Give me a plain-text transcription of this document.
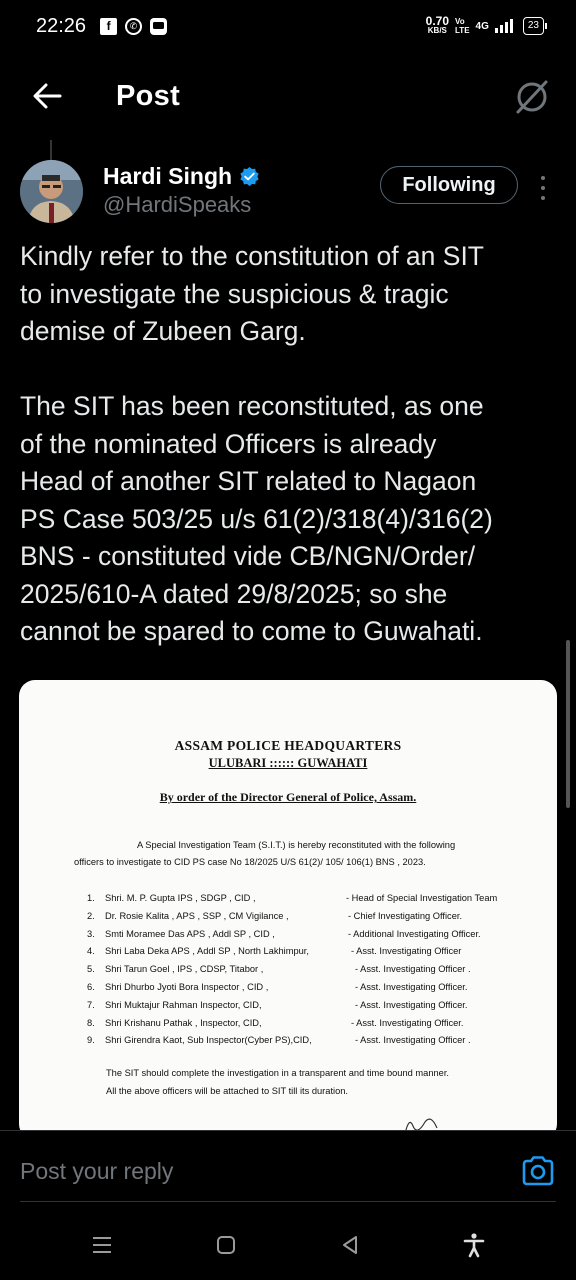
22:26	f	✆	0.70
KB/S
Vo
LTE 4G	23
Post
Hardi Singh
@HardiSpeaks
Following

Kindly refer to the constitution of an SIT

to investigate the suspicious & tragic

demise of Zubeen Garg.

The SIT has been reconstituted, as one

of the nominated Officers is already

Head of another SIT related to Nagaon

PS Case 503/25 u/s 61(2)/318(4)/316(2)

BNS - constituted vide CB/NGN/Order/

2025/610-A dated 29/8/2025; so she

cannot be spared to come to Guwahati.

ASSAM POLICE HEADQUARTERS
ULUBARI :::::: GUWAHATI
By order of the Director General of Police, Assam.
A Special Investigation Team (S.I.T.) is hereby reconstituted with the following
officers to investigate to CID PS case No 18/2025 U/S 61(2)/ 105/ 106(1) BNS , 2023.
1. Shri. M. P. Gupta IPS , SDGP , CID ,	- Head of Special Investigation Team
2. Dr. Rosie Kalita , APS , SSP , CM Vigilance ,	- Chief Investigating Officer.
3. Smti Moramee Das APS , Addl SP , CID ,	- Additional Investigating Officer.
4. Shri Laba Deka APS , Addl SP , North Lakhimpur,	- Asst. Investigating Officer
5. Shri Tarun Goel , IPS , CDSP, Titabor ,	- Asst. Investigating Officer .
6. Shri Dhurbo Jyoti Bora Inspector , CID ,	- Asst. Investigating Officer.
7. Shri Muktajur Rahman Inspector, CID,	- Asst. Investigating Officer.
8. Shri Krishanu Pathak , Inspector, CID,	- Asst. Investigating Officer.
9. Shri Girendra Kaot, Sub Inspector(Cyber PS),CID,	- Asst. Investigating Officer .
The SIT should complete the investigation in a transparent and time bound manner.
All the above officers will be attached to SIT till its duration.
Post your reply
